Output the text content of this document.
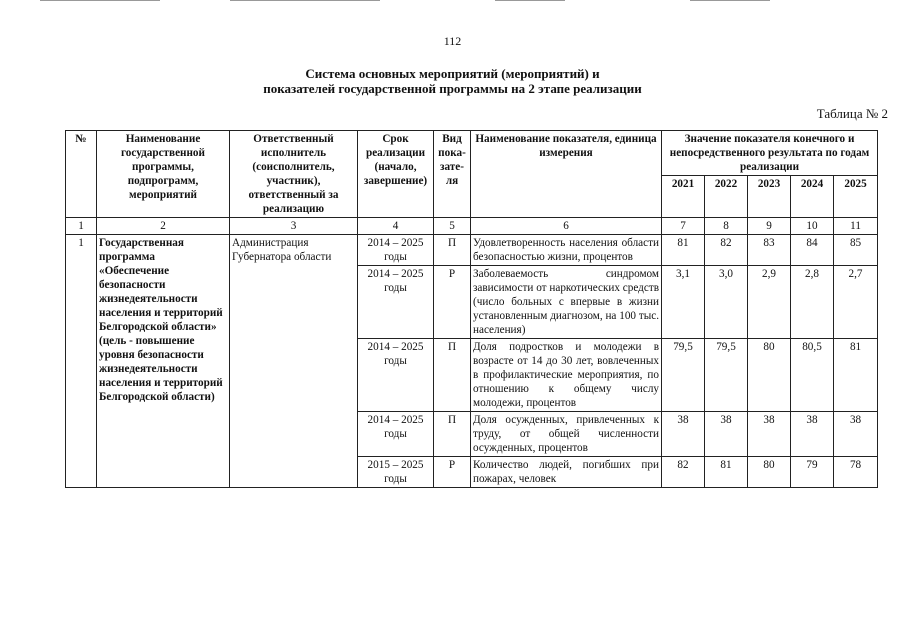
112
Система основных мероприятий (мероприятий) и
показателей государственной программы на 2 этапе реализации
Таблица № 2
№	Наименование государственной программы, подпрограмм, мероприятий	Ответственный исполнитель (соисполнитель, участник), ответственный за реализацию	Срок реализации (начало, завершение)	Вид пока-зате-ля	Наименование показателя, единица измерения	Значение показателя конечного и непосредственного результата по годам реализации				
						2021	2022	2023	2024	2025
1	2	3	4	5	6	7	8	9	10	11
1	Государственная программа «Обеспечение безопасности жизнедеятельности населения и территорий Белгородской области» (цель - повышение уровня безопасности жизнедеятельности населения и территорий Белгородской области)	Администрация Губернатора области	2014 – 2025 годы	П	Удовлетворенность населения области безопасностью жизни, процентов	81	82	83	84	85
			2014 – 2025 годы	Р	Заболеваемость синдромом зависимости от наркотических средств (число больных с впервые в жизни установленным диагнозом, на 100 тыс. населения)	3,1	3,0	2,9	2,8	2,7
			2014 – 2025 годы	П	Доля подростков и молодежи в возрасте от 14 до 30 лет, вовлеченных в профилактические мероприятия, по отношению к общему числу молодежи, процентов	79,5	79,5	80	80,5	81
			2014 – 2025 годы	П	Доля осужденных, привлеченных к труду, от общей численности осужденных, процентов	38	38	38	38	38
			2015 – 2025 годы	Р	Количество людей, погибших при пожарах, человек	82	81	80	79	78
